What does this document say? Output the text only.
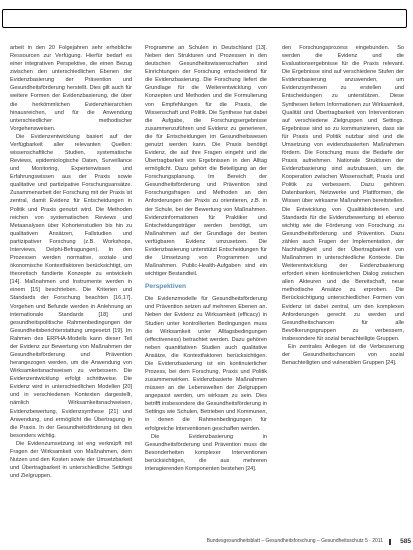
arbeit in den 20 Folgejahren sehr erhebliche Ressourcen zur Verfügung. Hierfür bedarf es einer integrativen Perspektive, die einen Bezug zwischen den unterschiedlichen Ebenen der Evidenzbasierung der Prävention und Gesundheitsförderung herstellt. Dies gilt auch für weitere Formen der Evidenzbasierung, die über die herkömmlichen Evidenzhierarchien hinausreichen, und für die Anwendung unterschiedlicher methodischer Vorgehensweisen.

Die Evidenzentwicklung basiert auf der Verfügbarkeit aller relevanten Quellen: wissenschaftliche Studien, systematische Reviews, epidemiologische Daten, Surveillance und Monitoring, Expertenwissen und Erfahrungswissen aus der Praxis sowie qualitative und partizipative Forschungsansätze. Zusammenarbeit der Forschung mit der Praxis ist zentral, damit Evidenz für Entscheidungen in Politik und Praxis genutzt wird. Die Methoden reichen von systematischen Reviews und Metaanalysen über Kohortenstudien bis hin zu qualitativen Ansätzen, Fallstudien und partizipativer Forschung (z.B. Workshops, Interviews, Delphi-Befragungen). In den Prozessen werden normative, soziale und ökonomische Kontextfaktoren berücksichtigt, um theoretisch fundierte Konzepte zu entwickeln [14]. Maßnahmen und Instrumente werden in einem [15] beschrieben. Die Kriterien und Standards der Forschung beachten [16,17]. Vorgehen und Befunde werden in Anlehnung an internationale Standards [18] und gesundheitspolitische Rahmenbedingungen der Gesundheitsberichterstattung umgesetzt [19]. Im Rahmen des ERPHA-Modells kann dieser Teil der Evidenz zur Bewertung von Maßnahmen der Gesundheitsförderung und Prävention herangezogen werden, um die Anwendung von Wirksamkeitsnachweisen zu verbessern. Die Evidenzentwicklung erfolgt schrittweise. Die Evidenz wird in unterschiedlichen Modellen [20] und in verschiedenen Kontexten dargestellt, nämlich Wirksamkeitsnachweisen, Evidenzbewertung, Evidenzsynthese [21] und Anwendung, und ermöglicht die Übertragung in die Praxis. In der Gesundheitsförderung ist dies besonders wichtig.

Die Evidenzumsetzung ist eng verknüpft mit Fragen der Wirksamkeit von Maßnahmen, dem Nutzen und den Kosten sowie der Umsetzbarkeit und Übertragbarkeit in unterschiedliche Settings und Zielgruppen.

Programme an Schulen in Deutschland [13]. Neben den Strukturen und Prozessen in den deutschen Gesundheitswissenschaften sind Einrichtungen der Forschung entscheidend für die Evidenzbasierung. Die Forschung liefert die Grundlage für die Weiterentwicklung von Konzepten und Methoden und die Formulierung von Empfehlungen für die Praxis, die Wissenschaft und Politik. Die Synthese hat dabei die Aufgabe, die Forschungsergebnisse zusammenzuführen und Evidenz zu generieren, die für Entscheidungen im Gesundheitswesen genutzt werden kann. Die Praxis benötigt Evidenz, die auf ihre Fragen eingeht und die Übertragbarkeit von Ergebnissen in den Alltag ermöglicht. Dazu gehört die Beteiligung an der Forschungsplanung. Im Bereich der Gesundheitsförderung und Prävention sind Forschungsfragen und Methoden an den Anforderungen der Praxis zu orientieren, z.B. in der Schule, bei der Bewertung von Maßnahmen. Evidenzinformationen für Praktiker und Entscheidungsträger werden benötigt, um Maßnahmen auf der Grundlage der besten verfügbaren Evidenz umzusetzen. Die Evidenzbasierung unterstützt Entscheidungen für die Umsetzung von Programmen und Maßnahmen. Public-Health-Aufgaben sind ein wichtiger Bestandteil.

Perspektiven

Die Evidenzmodelle für Gesundheitsförderung und Prävention setzen auf mehreren Ebenen an. Neben der Evidenz zu Wirksamkeit (efficacy) in Studien unter kontrollierten Bedingungen muss die Wirksamkeit unter Alltagsbedingungen (effectiveness) betrachtet werden. Dazu gehören neben quantitativen Studien auch qualitative Ansätze, die Kontextfaktoren berücksichtigen. Die Evidenzbasierung ist ein kontinuierlicher Prozess, bei dem Forschung, Praxis und Politik zusammenwirken. Evidenzbasierte Maßnahmen müssen an die Lebenswelten der Zielgruppen angepasst werden, um wirksam zu sein. Dies betrifft insbesondere die Gesundheitsförderung in Settings wie Schulen, Betrieben und Kommunen, in denen die Rahmenbedingungen für erfolgreiche Interventionen geschaffen werden.

Die Evidenzbasierung in Gesundheitsförderung und Prävention muss die Besonderheiten komplexer Interventionen berücksichtigen, die aus mehreren interagierenden Komponenten bestehen [24].

den Forschungsprozess eingebunden. So werden die Evidenz und die Evaluationsergebnisse für die Praxis relevant. Die Ergebnisse sind auf verschiedene Stufen der Evidenzbasierung anzuwenden, um Evidenzsynthesen zu erstellen und Entscheidungen zu unterstützen. Diese Synthesen liefern Informationen zur Wirksamkeit, Qualität und Übertragbarkeit von Interventionen auf verschiedene Zielgruppen und Settings. Ergebnisse sind so zu kommunizieren, dass sie für Praxis und Politik nutzbar sind und die Umsetzung von evidenzbasierten Maßnahmen fördern. Die Forschung muss die Bedarfe der Praxis aufnehmen. Nationale Strukturen der Evidenzbasierung sind aufzubauen, um die Kooperation zwischen Wissenschaft, Praxis und Politik zu verbessern. Dazu gehören Datenbanken, Netzwerke und Plattformen, die Wissen über wirksame Maßnahmen bereitstellen. Die Entwicklung von Qualitätskriterien und Standards für die Evidenzbewertung ist ebenso wichtig wie die Förderung von Forschung zu Gesundheitsförderung und Prävention. Dazu zählen auch Fragen der Implementation, der Nachhaltigkeit und der Übertragbarkeit von Maßnahmen in unterschiedliche Kontexte. Die Weiterentwicklung der Evidenzbasierung erfordert einen kontinuierlichen Dialog zwischen allen Akteuren und die Bereitschaft, neue methodische Ansätze zu erproben. Die Berücksichtigung unterschiedlicher Formen von Evidenz ist dabei zentral, um den komplexen Anforderungen gerecht zu werden und Gesundheitschancen für alle Bevölkerungsgruppen zu verbessern, insbesondere für sozial benachteiligte Gruppen.

Ein zentrales Anliegen ist die Verbesserung der Gesundheitschancen von sozial Benachteiligten und vulnerablen Gruppen [24].

Bundesgesundheitsblatt – Gesundheitsforschung – Gesundheitsschutz 5 · 2011	585
